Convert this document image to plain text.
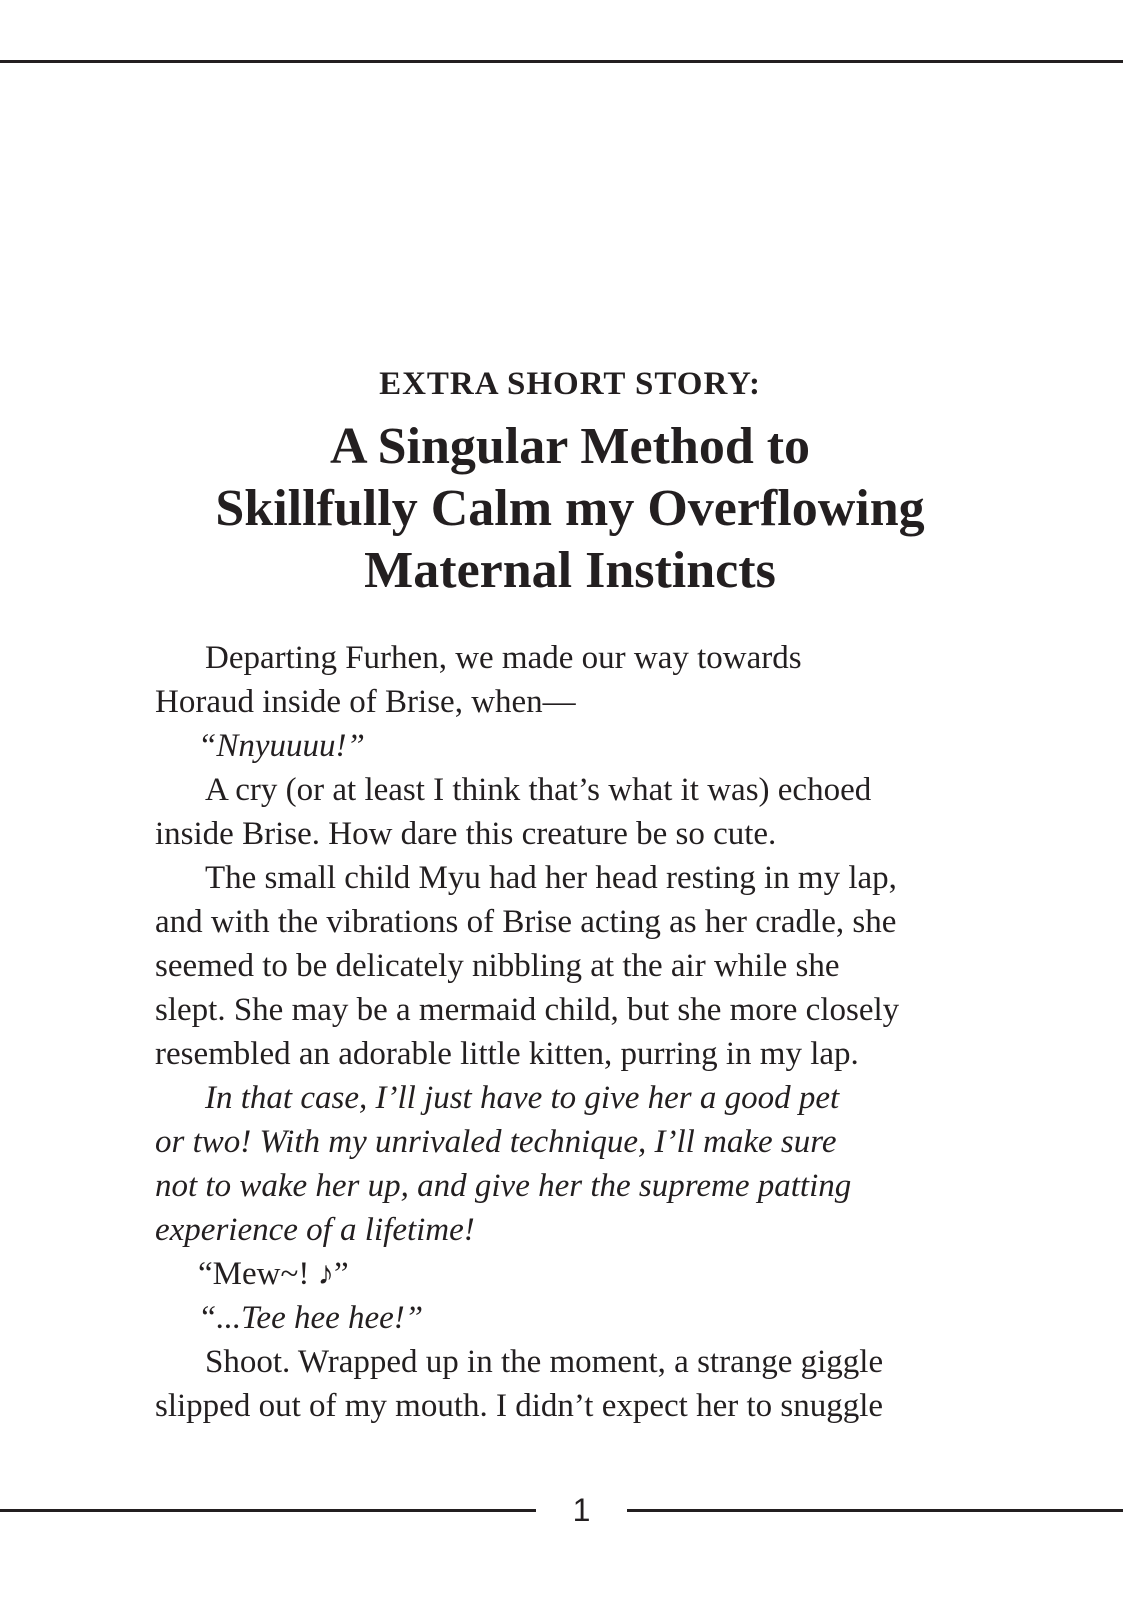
EXTRA SHORT STORY:

A Singular Method to
Skillfully Calm my Overflowing
Maternal Instincts
Departing Furhen, we made our way towards
Horaud inside of Brise, when—
“Nnyuuuu!”
A cry (or at least I think that’s what it was) echoed
inside Brise. How dare this creature be so cute.
The small child Myu had her head resting in my lap,
and with the vibrations of Brise acting as her cradle, she
seemed to be delicately nibbling at the air while she
slept. She may be a mermaid child, but she more closely
resembled an adorable little kitten, purring in my lap.
In that case, I’ll just have to give her a good pet
or two! With my unrivaled technique, I’ll make sure
not to wake her up, and give her the supreme patting
experience of a lifetime!
“Mew~! ♪”
“...Tee hee hee!”
Shoot. Wrapped up in the moment, a strange giggle
slipped out of my mouth. I didn’t expect her to snuggle
1
